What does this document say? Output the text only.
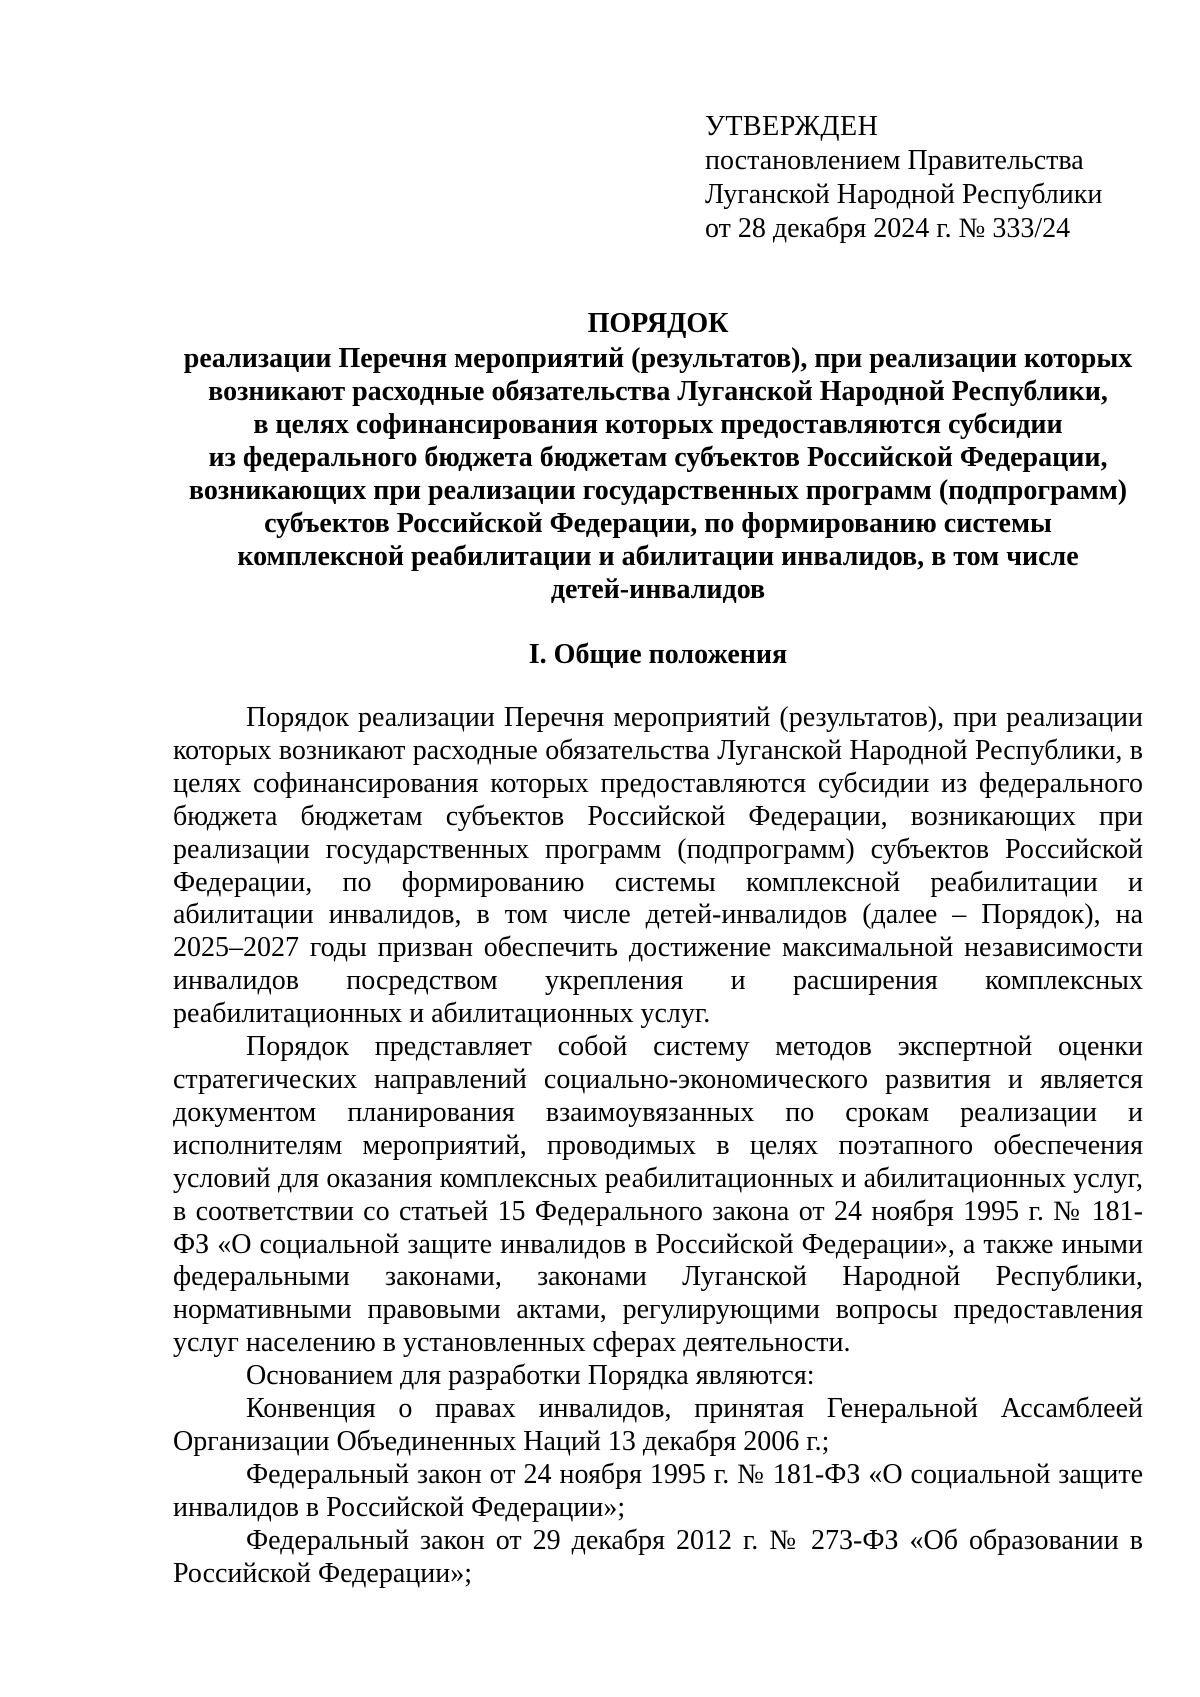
УТВЕРЖДЕН
постановлением Правительства
Луганской Народной Республики
от 28 декабря 2024 г. № 333/24
ПОРЯДОК
реализации Перечня мероприятий (результатов), при реализации которых
возникают расходные обязательства Луганской Народной Республики,
в целях софинансирования которых предоставляются субсидии
из федерального бюджета бюджетам субъектов Российской Федерации,
возникающих при реализации государственных программ (подпрограмм)
субъектов Российской Федерации, по формированию системы
комплексной реабилитации и абилитации инвалидов, в том числе
детей-инвалидов
I. Общие положения

Порядок реализации Перечня мероприятий (результатов), при реализации которых возникают расходные обязательства Луганской Народной Республики, в целях софинансирования которых предоставляются субсидии из федерального бюджета бюджетам субъектов Российской Федерации, возникающих при реализации государственных программ (подпрограмм) субъектов Российской Федерации, по формированию системы комплексной реабилитации и абилитации инвалидов, в том числе детей-инвалидов (далее – Порядок), на 2025–2027 годы призван обеспечить достижение максимальной независимости инвалидов посредством укрепления и расширения комплексных реабилитационных и абилитационных услуг.

Порядок представляет собой систему методов экспертной оценки стратегических направлений социально-экономического развития и является документом планирования взаимоувязанных по срокам реализации и исполнителям мероприятий, проводимых в целях поэтапного обеспечения условий для оказания комплексных реабилитационных и абилитационных услуг, в соответствии со статьей 15 Федерального закона от 24 ноября 1995 г. № 181-ФЗ «О социальной защите инвалидов в Российской Федерации», а также иными федеральными законами, законами Луганской Народной Республики, нормативными правовыми актами, регулирующими вопросы предоставления услуг населению в установленных сферах деятельности.

Основанием для разработки Порядка являются:

Конвенция о правах инвалидов, принятая Генеральной Ассамблеей Организации Объединенных Наций 13 декабря 2006 г.;

Федеральный закон от 24 ноября 1995 г. № 181-ФЗ «О социальной защите инвалидов в Российской Федерации»;

Федеральный закон от 29 декабря 2012 г. № 273-ФЗ «Об образовании в Российской Федерации»;
